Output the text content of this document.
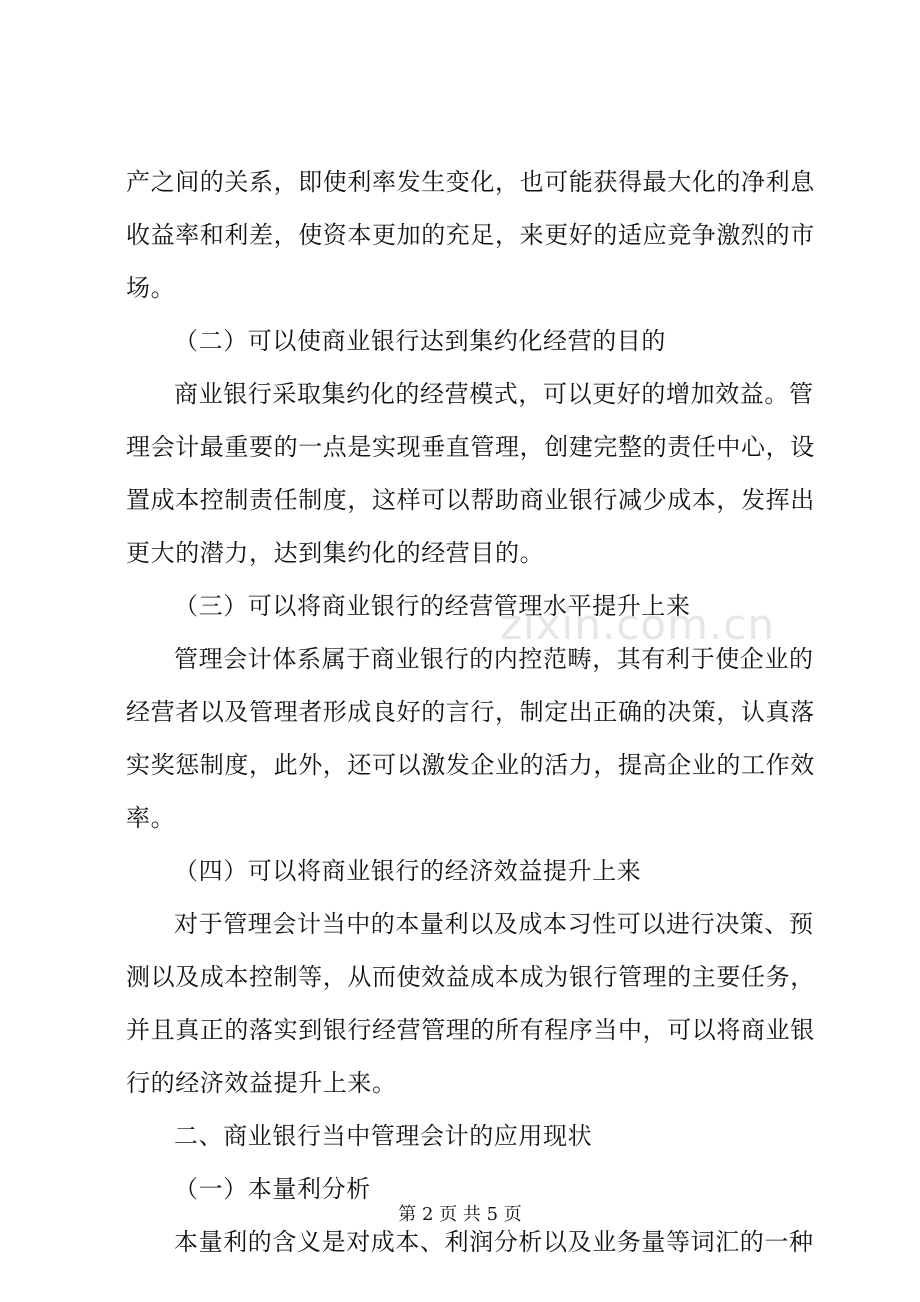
zixin.com.cn
产之间的关系，即使利率发生变化，也可能获得最大化的净利息
收益率和利差，使资本更加的充足，来更好的适应竞争激烈的市
场。
（二）可以使商业银行达到集约化经营的目的
商业银行采取集约化的经营模式，可以更好的增加效益。管
理会计最重要的一点是实现垂直管理，创建完整的责任中心，设
置成本控制责任制度，这样可以帮助商业银行减少成本，发挥出
更大的潜力，达到集约化的经营目的。
（三）可以将商业银行的经营管理水平提升上来
管理会计体系属于商业银行的内控范畴，其有利于使企业的
经营者以及管理者形成良好的言行，制定出正确的决策，认真落
实奖惩制度，此外，还可以激发企业的活力，提高企业的工作效
率。
（四）可以将商业银行的经济效益提升上来
对于管理会计当中的本量利以及成本习性可以进行决策、预
测以及成本控制等，从而使效益成本成为银行管理的主要任务，
并且真正的落实到银行经营管理的所有程序当中，可以将商业银
行的经济效益提升上来。
二、商业银行当中管理会计的应用现状
（一）本量利分析
本量利的含义是对成本、利润分析以及业务量等词汇的一种
第 2 页 共 5 页
